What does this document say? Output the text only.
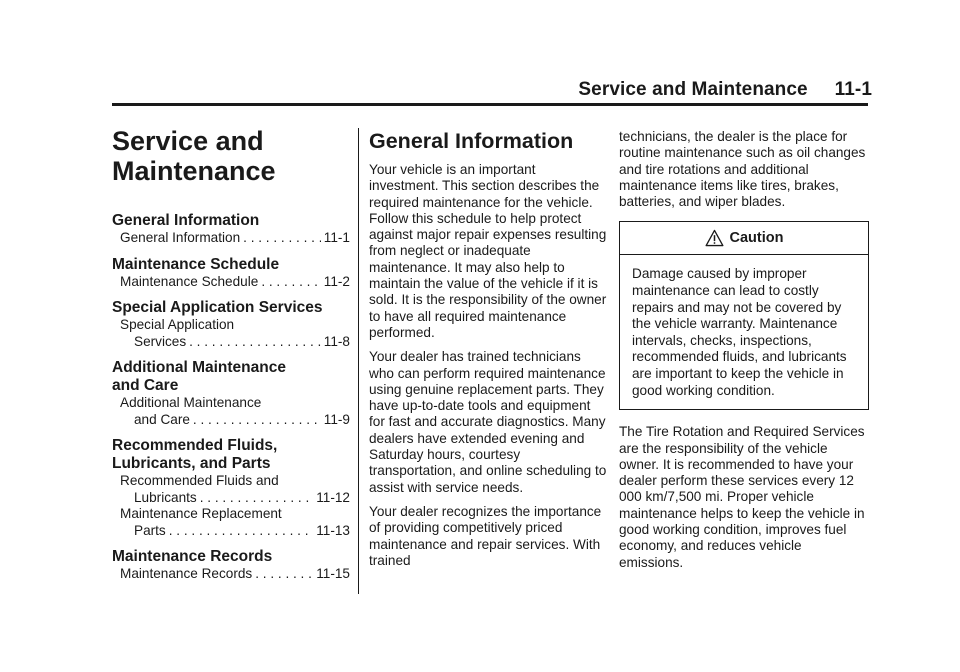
Service and Maintenance     11-1
Service and
Maintenance
General Information
General Information . . .	11-1
Maintenance Schedule
Maintenance Schedule . . .	11-2
Special Application Services
Special Application
Services . . .	11-8
Additional Maintenance
and Care
Additional Maintenance
and Care . . .	11-9
Recommended Fluids,
Lubricants, and Parts
Recommended Fluids and
Lubricants . . .	11-12
Maintenance Replacement
Parts . . .	11-13
Maintenance Records
Maintenance Records . . .	11-15
General Information

Your vehicle is an important investment. This section describes the required maintenance for the vehicle. Follow this schedule to help protect against major repair expenses resulting from neglect or inadequate maintenance. It may also help to maintain the value of the vehicle if it is sold. It is the responsibility of the owner to have all required maintenance performed.

Your dealer has trained technicians who can perform required maintenance using genuine replacement parts. They have up-to-date tools and equipment for fast and accurate diagnostics. Many dealers have extended evening and Saturday hours, courtesy transportation, and online scheduling to assist with service needs.

Your dealer recognizes the importance of providing competitively priced maintenance and repair services. With trained

technicians, the dealer is the place for routine maintenance such as oil changes and tire rotations and additional maintenance items like tires, brakes, batteries, and wiper blades.

Caution
Damage caused by improper maintenance can lead to costly repairs and may not be covered by the vehicle warranty. Maintenance intervals, checks, inspections, recommended fluids, and lubricants are important to keep the vehicle in good working condition.

The Tire Rotation and Required Services are the responsibility of the vehicle owner. It is recommended to have your dealer perform these services every 12 000 km/7,500 mi. Proper vehicle maintenance helps to keep the vehicle in good working condition, improves fuel economy, and reduces vehicle emissions.
